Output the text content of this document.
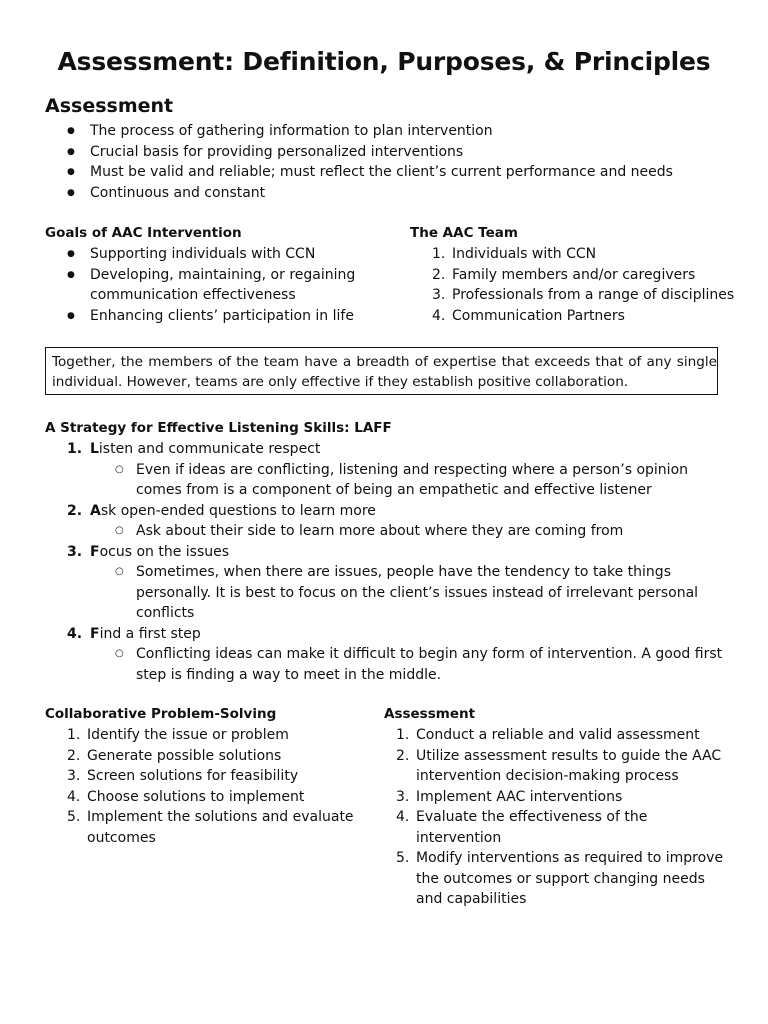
Assessment: Definition, Purposes, & Principles
Assessment
● The process of gathering information to plan intervention
● Crucial basis for providing personalized interventions
● Must be valid and reliable; must reflect the client’s current performance and needs
● Continuous and constant
Goals of AAC Intervention
● Supporting individuals with CCN
● Developing, maintaining, or regaining communication effectiveness
● Enhancing clients’ participation in life
The AAC Team
1. Individuals with CCN
2. Family members and/or caregivers
3. Professionals from a range of disciplines
4. Communication Partners
Together, the members of the team have a breadth of expertise that exceeds that of any single individual. However, teams are only effective if they establish positive collaboration.
A Strategy for Effective Listening Skills: LAFF
1. Listen and communicate respect
○ Even if ideas are conflicting, listening and respecting where a person’s opinion comes from is a component of being an empathetic and effective listener
2. Ask open-ended questions to learn more
○ Ask about their side to learn more about where they are coming from
3. Focus on the issues
○ Sometimes, when there are issues, people have the tendency to take things personally. It is best to focus on the client’s issues instead of irrelevant personal conflicts
4. Find a first step
○ Conflicting ideas can make it difficult to begin any form of intervention. A good first step is finding a way to meet in the middle.
Collaborative Problem-Solving
1. Identify the issue or problem
2. Generate possible solutions
3. Screen solutions for feasibility
4. Choose solutions to implement
5. Implement the solutions and evaluate outcomes
Assessment
1. Conduct a reliable and valid assessment
2. Utilize assessment results to guide the AAC intervention decision-making process
3. Implement AAC interventions
4. Evaluate the effectiveness of the intervention
5. Modify interventions as required to improve the outcomes or support changing needs and capabilities
